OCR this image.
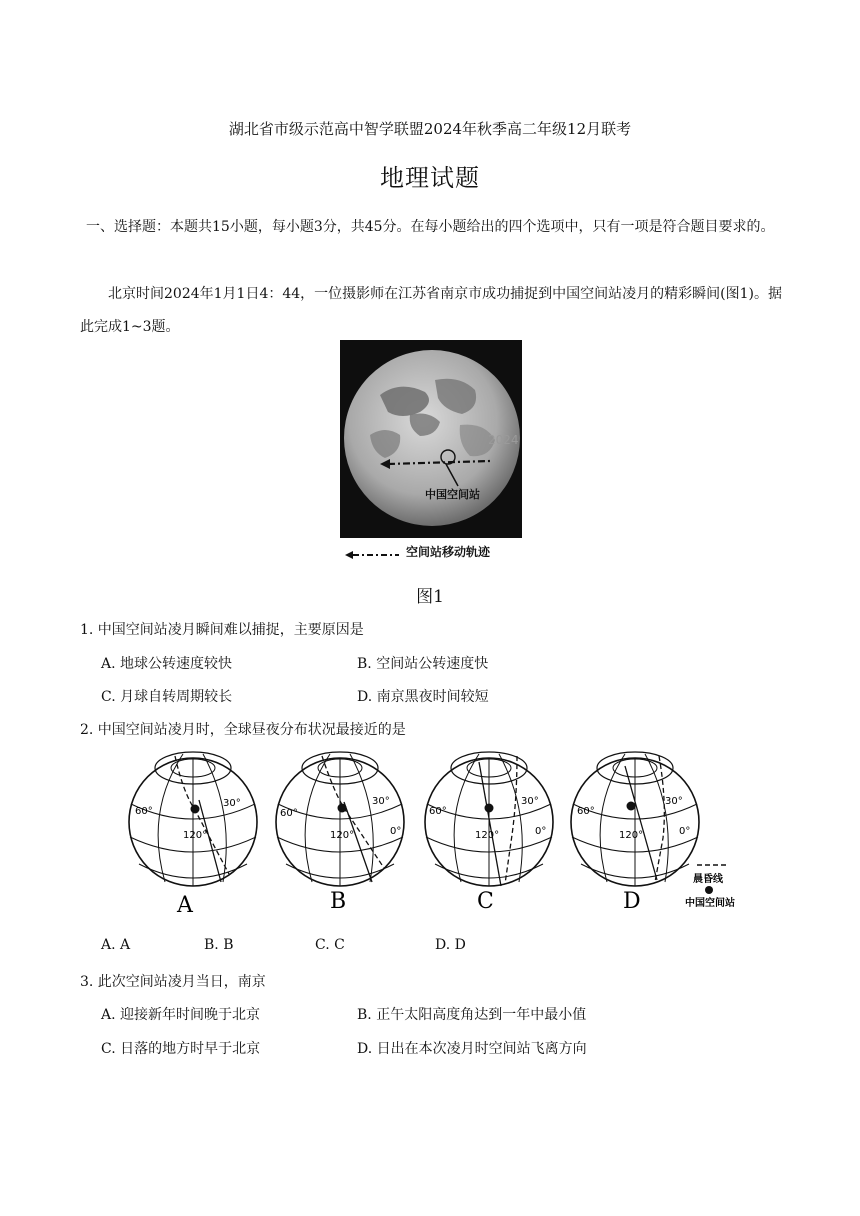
湖北省市级示范高中智学联盟2024年秋季高二年级12月联考
地理试题
一、选择题：本题共15小题，每小题3分，共45分。在每小题给出的四个选项中，只有一项是符合题目要求的。
北京时间2024年1月1日4：44，一位摄影师在江苏省南京市成功捕捉到中国空间站凌月的精彩瞬间(图1)。据此完成1~3题。
2024
中国空间站
空间站移动轨迹
图1
1. 中国空间站凌月瞬间难以捕捉，主要原因是
A. 地球公转速度较快	B. 空间站公转速度快
C. 月球自转周期较长	D. 南京黑夜时间较短
2. 中国空间站凌月时，全球昼夜分布状况最接近的是
60°
30°
120°
A
60°
30°
120°	0°
B
60°
30°
120°	0°
C
60°
30°
120°	0°
D
晨昏线
中国空间站
A. A	B. B	C. C	D. D
3. 此次空间站凌月当日，南京
A. 迎接新年时间晚于北京	B. 正午太阳高度角达到一年中最小值
C. 日落的地方时早于北京	D. 日出在本次凌月时空间站飞离方向
